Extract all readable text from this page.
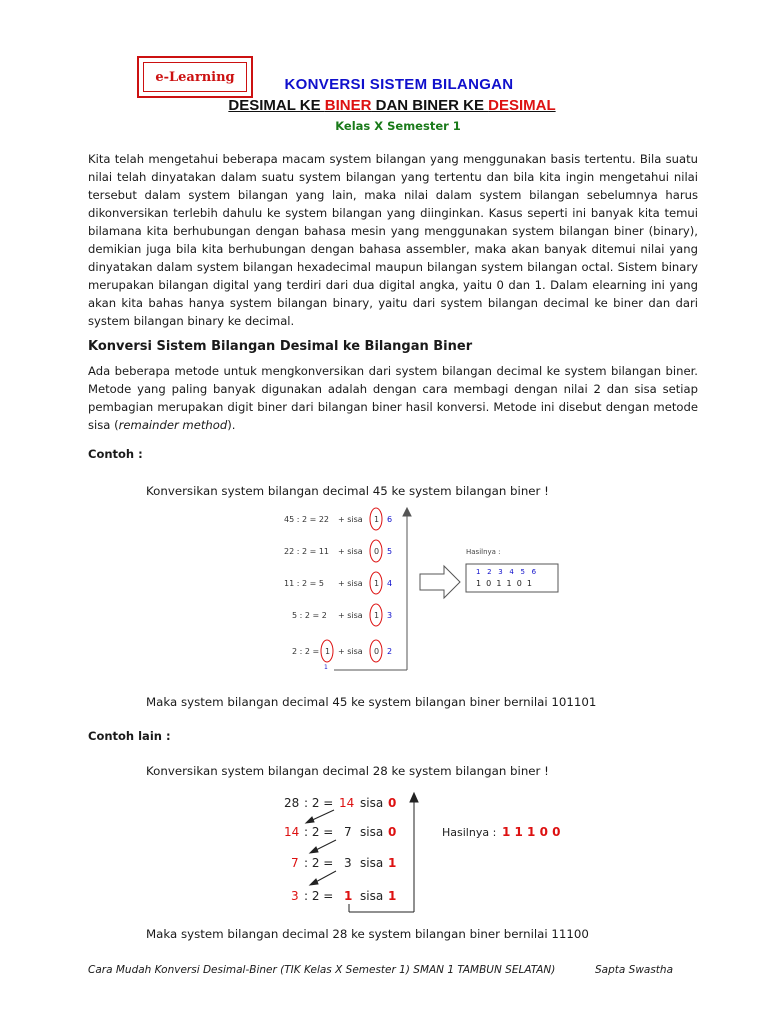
e-Learning	KONVERSI SISTEM BILANGAN
DESIMAL KE BINER DAN BINER KE DESIMAL
Kelas X Semester 1
Kita telah mengetahui beberapa macam system bilangan yang menggunakan basis tertentu. Bila suatu nilai telah dinyatakan dalam suatu system bilangan yang tertentu dan bila kita ingin mengetahui nilai tersebut dalam system bilangan yang lain, maka nilai dalam system bilangan sebelumnya harus dikonversikan terlebih dahulu ke system bilangan yang diinginkan. Kasus seperti ini banyak kita temui bilamana kita berhubungan dengan bahasa mesin yang menggunakan system bilangan biner (binary), demikian juga bila kita berhubungan dengan bahasa assembler, maka akan banyak ditemui nilai yang dinyatakan dalam system bilangan hexadecimal maupun bilangan system bilangan octal. Sistem binary merupakan bilangan digital yang terdiri dari dua digital angka, yaitu 0 dan 1. Dalam elearning ini yang akan kita bahas hanya system bilangan binary, yaitu dari system bilangan decimal ke biner dan dari system bilangan binary ke decimal.
Konversi Sistem Bilangan Desimal ke Bilangan Biner
Ada beberapa metode untuk mengkonversikan dari system bilangan decimal ke system bilangan biner. Metode yang paling banyak digunakan adalah dengan cara membagi dengan nilai 2 dan sisa setiap pembagian merupakan digit biner dari bilangan biner hasil konversi. Metode ini disebut dengan metode sisa (remainder method).
Contoh :
Konversikan system bilangan decimal 45 ke system bilangan biner !
45 : 2 = 22 + sisa 1 6
22 : 2 = 11 + sisa 0 5
11 : 2 = 5 + sisa 1 4
5 : 2 = 2 + sisa 1 3
2 : 2 = 1 + sisa 0 2
1
Hasilnya :
1   2   3   4   5   6
1  0  1  1  0  1
Maka system bilangan decimal 45 ke system bilangan biner bernilai 101101
Contoh lain :
Konversikan system bilangan decimal 28 ke system bilangan biner !
28 : 2 = 14 sisa 0
14 : 2 = 7 sisa 0
7 : 2 = 3 sisa 1
3 : 2 = 1 sisa 1
Hasilnya : 1 1 1 0 0
Maka system bilangan decimal 28 ke system bilangan biner bernilai 11100
Cara Mudah Konversi Desimal-Biner (TIK Kelas X Semester 1) SMAN 1 TAMBUN SELATAN)	Sapta Swastha
